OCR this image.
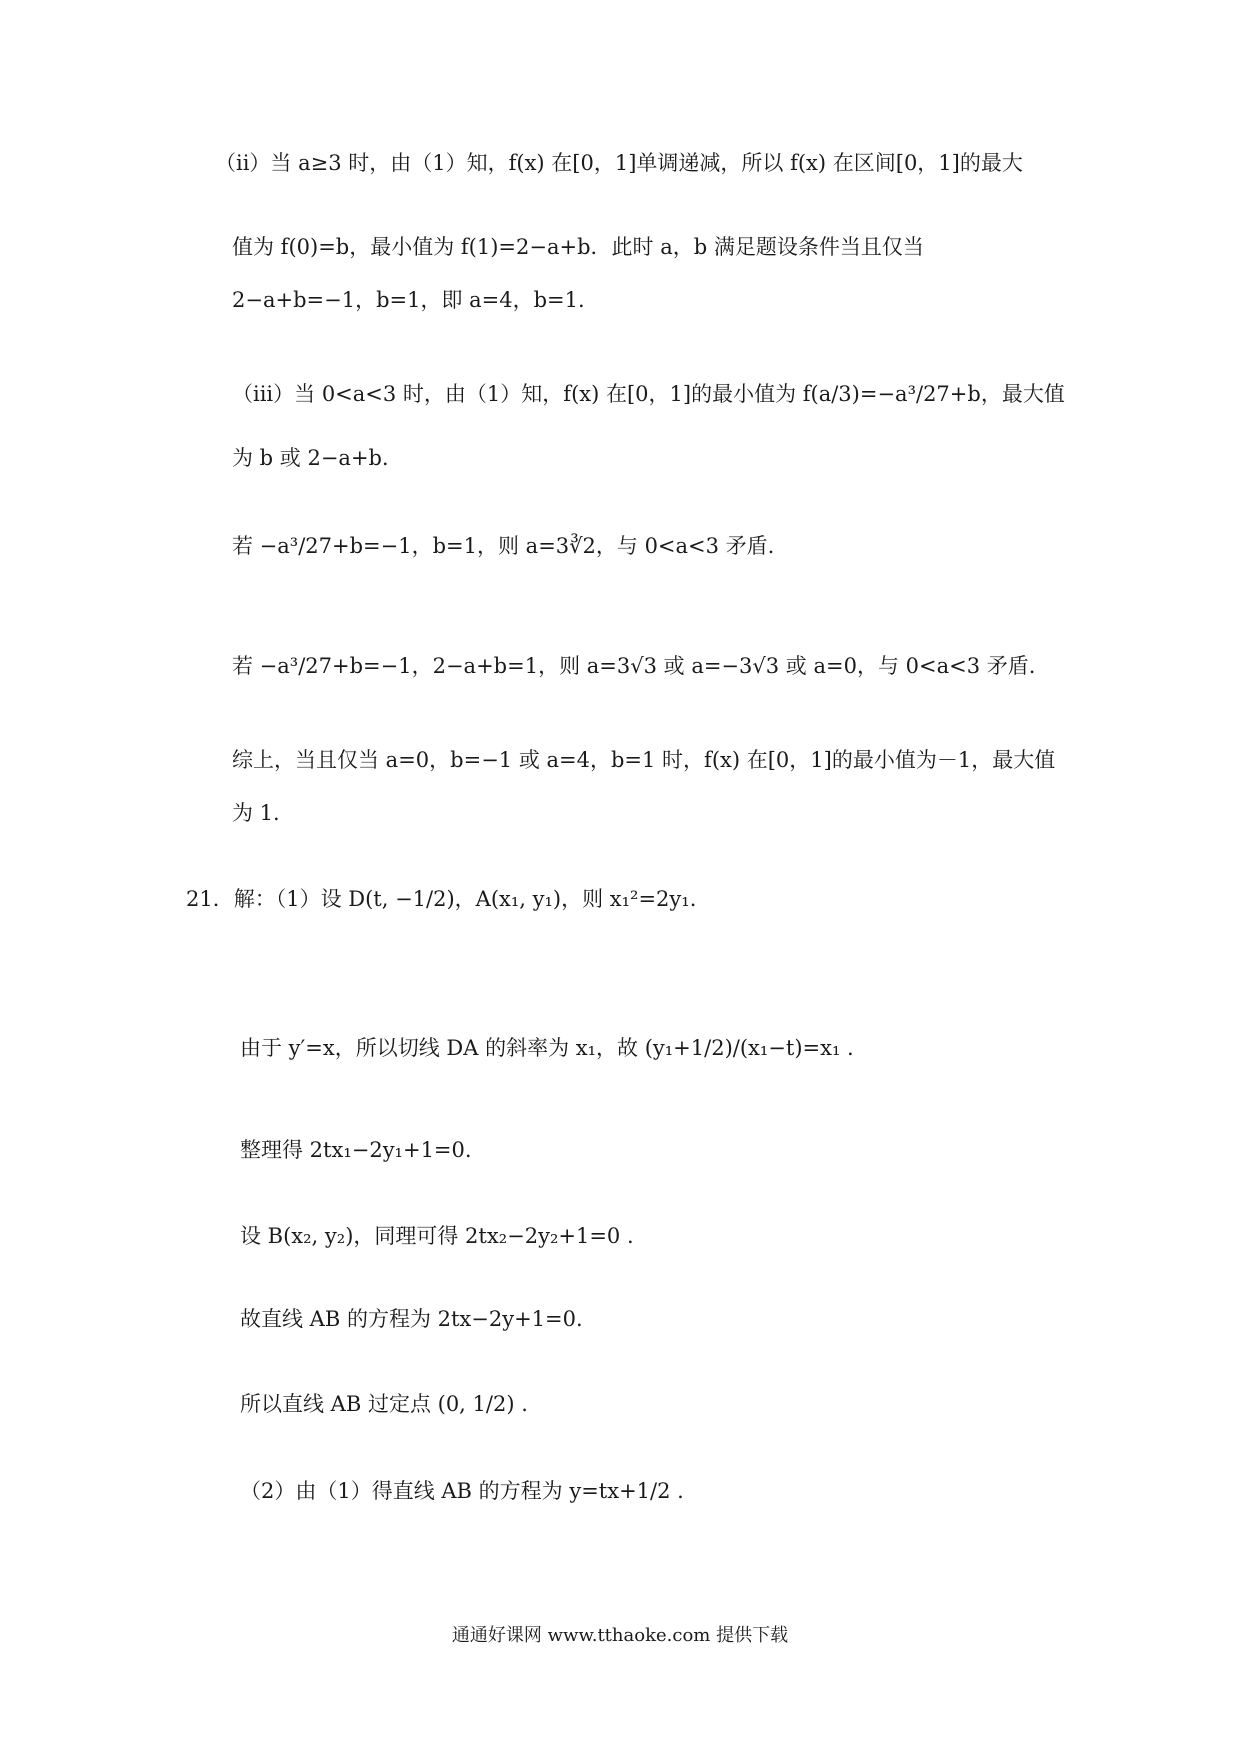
（ii）当 a≥3 时，由（1）知，f(x) 在[0，1]单调递减，所以 f(x) 在区间[0，1]的最大
值为 f(0)=b，最小值为 f(1)=2−a+b．此时 a，b 满足题设条件当且仅当
2−a+b=−1，b=1，即 a=4，b=1.
（iii）当 0<a<3 时，由（1）知，f(x) 在[0，1]的最小值为 f(a/3)=−a³/27+b，最大值
为 b 或 2−a+b．
若 −a³/27+b=−1，b=1，则 a=3∛2，与 0<a<3 矛盾.
若 −a³/27+b=−1，2−a+b=1，则 a=3√3 或 a=−3√3 或 a=0，与 0<a<3 矛盾.
综上，当且仅当 a=0，b=−1 或 a=4，b=1 时，f(x) 在[0，1]的最小值为－1，最大值
为 1.
21．解：（1）设 D(t, −1/2)，A(x₁, y₁)，则 x₁²=2y₁.
由于 y′=x，所以切线 DA 的斜率为 x₁，故 (y₁+1/2)/(x₁−t)=x₁ .
整理得 2tx₁−2y₁+1=0.
设 B(x₂, y₂)，同理可得 2tx₂−2y₂+1=0 .
故直线 AB 的方程为 2tx−2y+1=0.
所以直线 AB 过定点 (0, 1/2) .
（2）由（1）得直线 AB 的方程为 y=tx+1/2 .
通通好课网 www.tthaoke.com 提供下载
